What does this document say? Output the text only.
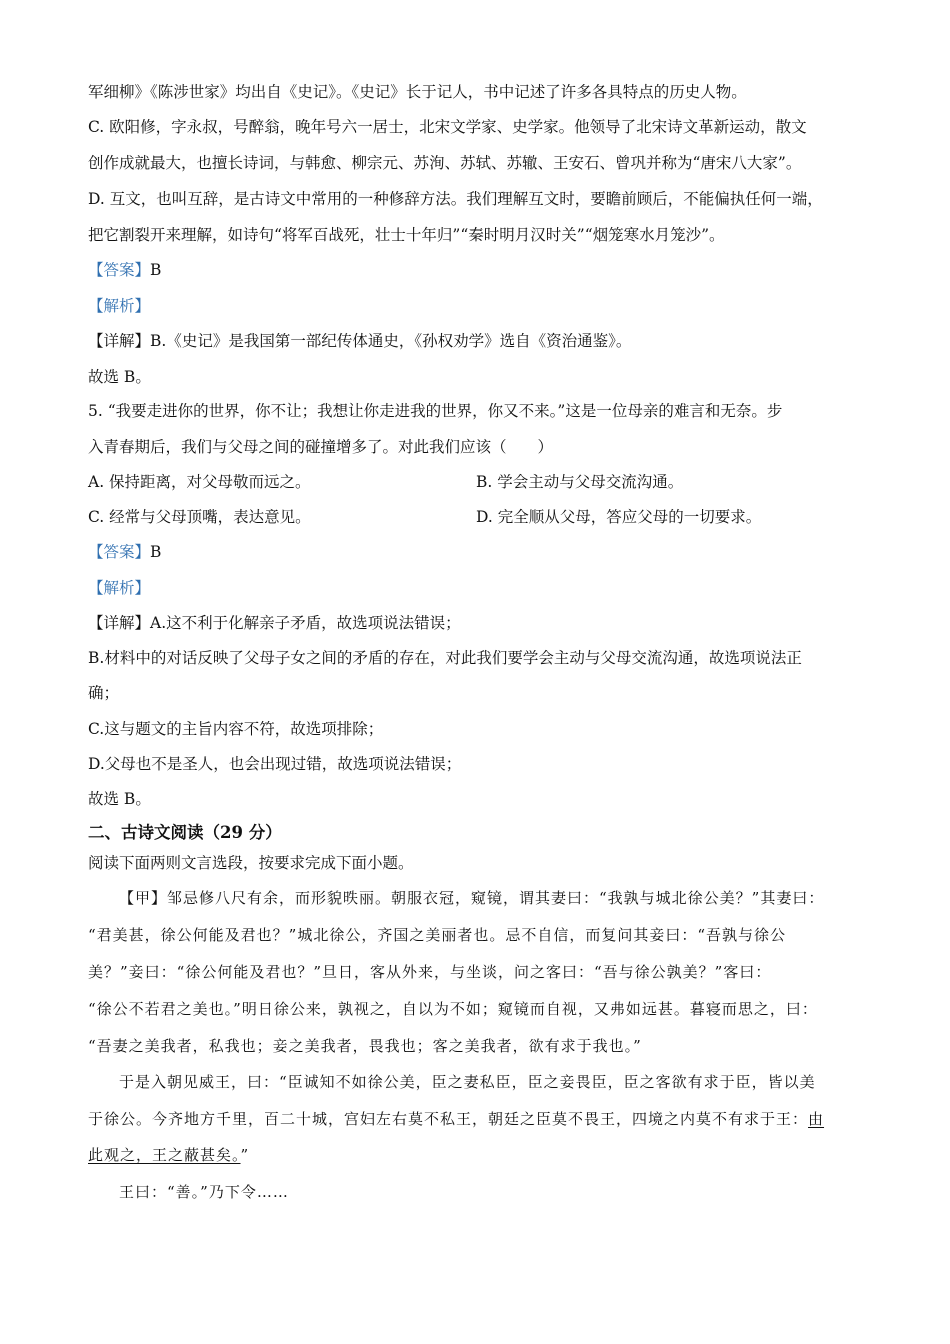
军细柳》《陈涉世家》均出自《史记》。《史记》长于记人，书中记述了许多各具特点的历史人物。
C. 欧阳修，字永叔，号醉翁，晚年号六一居士，北宋文学家、史学家。他领导了北宋诗文革新运动，散文
创作成就最大，也擅长诗词，与韩愈、柳宗元、苏洵、苏轼、苏辙、王安石、曾巩并称为“唐宋八大家”。
D. 互文，也叫互辞，是古诗文中常用的一种修辞方法。我们理解互文时，要瞻前顾后，不能偏执任何一端，
把它割裂开来理解，如诗句“将军百战死，壮士十年归”“秦时明月汉时关”“烟笼寒水月笼沙”。
【答案】B
【解析】
【详解】B.《史记》是我国第一部纪传体通史，《孙权劝学》选自《资治通鉴》。
故选 B。
5. “我要走进你的世界，你不让；我想让你走进我的世界，你又不来。”这是一位母亲的难言和无奈。步
入青春期后，我们与父母之间的碰撞增多了。对此我们应该（　　）
A. 保持距离，对父母敬而远之。	B. 学会主动与父母交流沟通。
C. 经常与父母顶嘴，表达意见。	D. 完全顺从父母，答应父母的一切要求。
【答案】B
【解析】
【详解】A.这不利于化解亲子矛盾，故选项说法错误；
B.材料中的对话反映了父母子女之间的矛盾的存在，对此我们要学会主动与父母交流沟通，故选项说法正
确；
C.这与题文的主旨内容不符，故选项排除；
D.父母也不是圣人，也会出现过错，故选项说法错误；
故选 B。
二、古诗文阅读（29 分）
阅读下面两则文言选段，按要求完成下面小题。
【甲】邹忌修八尺有余，而形貌昳丽。朝服衣冠，窥镜，谓其妻曰：“我孰与城北徐公美？”其妻曰：
“君美甚，徐公何能及君也？”城北徐公，齐国之美丽者也。忌不自信，而复问其妾曰：“吾孰与徐公
美？”妾曰：“徐公何能及君也？”旦日，客从外来，与坐谈，问之客曰：“吾与徐公孰美？”客曰：
“徐公不若君之美也。”明日徐公来，孰视之，自以为不如；窥镜而自视，又弗如远甚。暮寝而思之，曰：
“吾妻之美我者，私我也；妾之美我者，畏我也；客之美我者，欲有求于我也。”
于是入朝见威王，曰：“臣诚知不如徐公美，臣之妻私臣，臣之妾畏臣，臣之客欲有求于臣，皆以美
于徐公。今齐地方千里，百二十城，宫妇左右莫不私王，朝廷之臣莫不畏王，四境之内莫不有求于王：由
此观之，王之蔽甚矣。”
王曰：“善。”乃下令……
